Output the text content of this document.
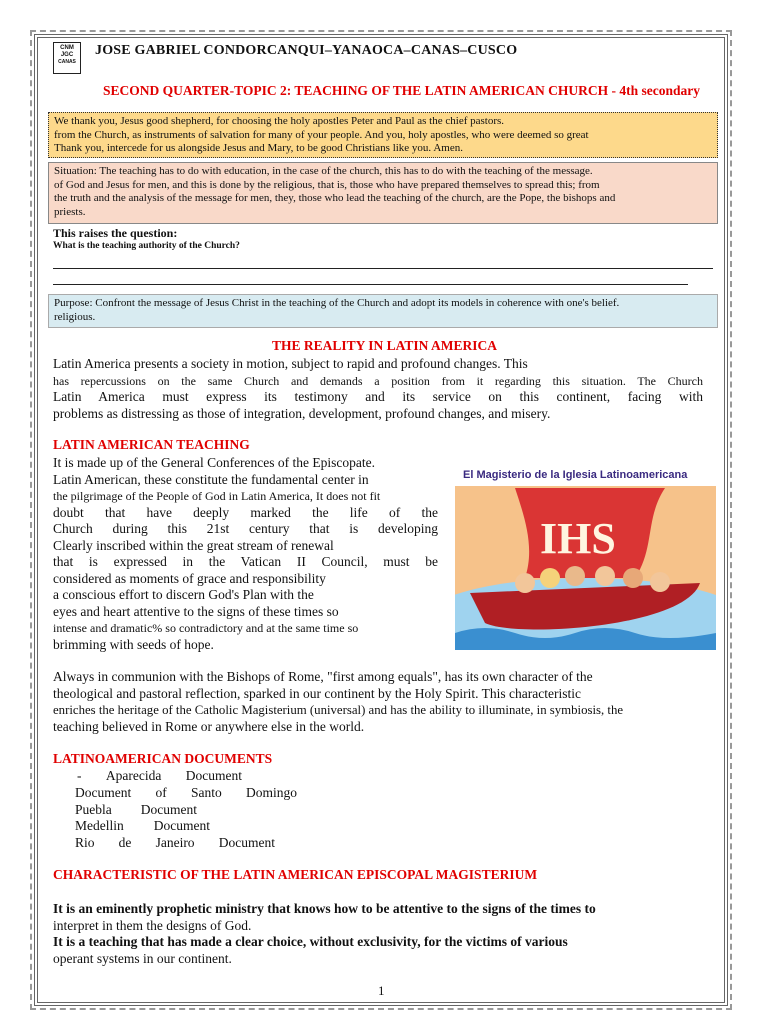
CNM
JGC
CANAS
JOSE GABRIEL CONDORCANQUI–YANAOCA–CANAS–CUSCO
SECOND QUARTER-TOPIC 2: TEACHING OF THE LATIN AMERICAN CHURCH - 4th secondary
We thank you, Jesus good shepherd, for choosing the holy apostles Peter and Paul as the chief pastors.
from the Church, as instruments of salvation for many of your people. And you, holy apostles, who were deemed so great
Thank you, intercede for us alongside Jesus and Mary, to be good Christians like you. Amen.
Situation: The teaching has to do with education, in the case of the church, this has to do with the teaching of the message.
of God and Jesus for men, and this is done by the religious, that is, those who have prepared themselves to spread this; from
the truth and the analysis of the message for men, they, those who lead the teaching of the church, are the Pope, the bishops and
priests.
This raises the question:
What is the teaching authority of the Church?
Purpose: Confront the message of Jesus Christ in the teaching of the Church and adopt its models in coherence with one's belief.
religious.
THE REALITY IN LATIN AMERICA
Latin America presents a society in motion, subject to rapid and profound changes. This
has repercussions on the same Church and demands a position from it regarding this situation. The Church
Latin America must express its testimony and its service on this continent, facing with
problems as distressing as those of integration, development, profound changes, and misery.
LATIN AMERICAN TEACHING
It is made up of the General Conferences of the Episcopate.
Latin American, these constitute the fundamental center in
the pilgrimage of the People of God in Latin America, It does not fit
doubt that have deeply marked the life of the
Church during this 21st century that is developing
Clearly inscribed within the great stream of renewal
that is expressed in the Vatican II Council, must be
considered as moments of grace and responsibility
a conscious effort to discern God's Plan with the
eyes and heart attentive to the signs of these times so
intense and dramatic% so contradictory and at the same time so
brimming with seeds of hope.
El Magisterio de la Iglesia Latinoamericana
IHS
Always in communion with the Bishops of Rome, "first among equals", has its own character of the
theological and pastoral reflection, sparked in our continent by the Holy Spirit. This characteristic
enriches the heritage of the Catholic Magisterium (universal) and has the ability to illuminate, in symbiosis, the
teaching believed in Rome or anywhere else in the world.
LATINOAMERICAN DOCUMENTS
- Aparecida Document
Document of Santo Domingo
Puebla Document
Medellin Document
Rio de Janeiro Document
CHARACTERISTIC OF THE LATIN AMERICAN EPISCOPAL MAGISTERIUM
It is an eminently prophetic ministry that knows how to be attentive to the signs of the times to
interpret in them the designs of God.
It is a teaching that has made a clear choice, without exclusivity, for the victims of various
operant systems in our continent.
1
